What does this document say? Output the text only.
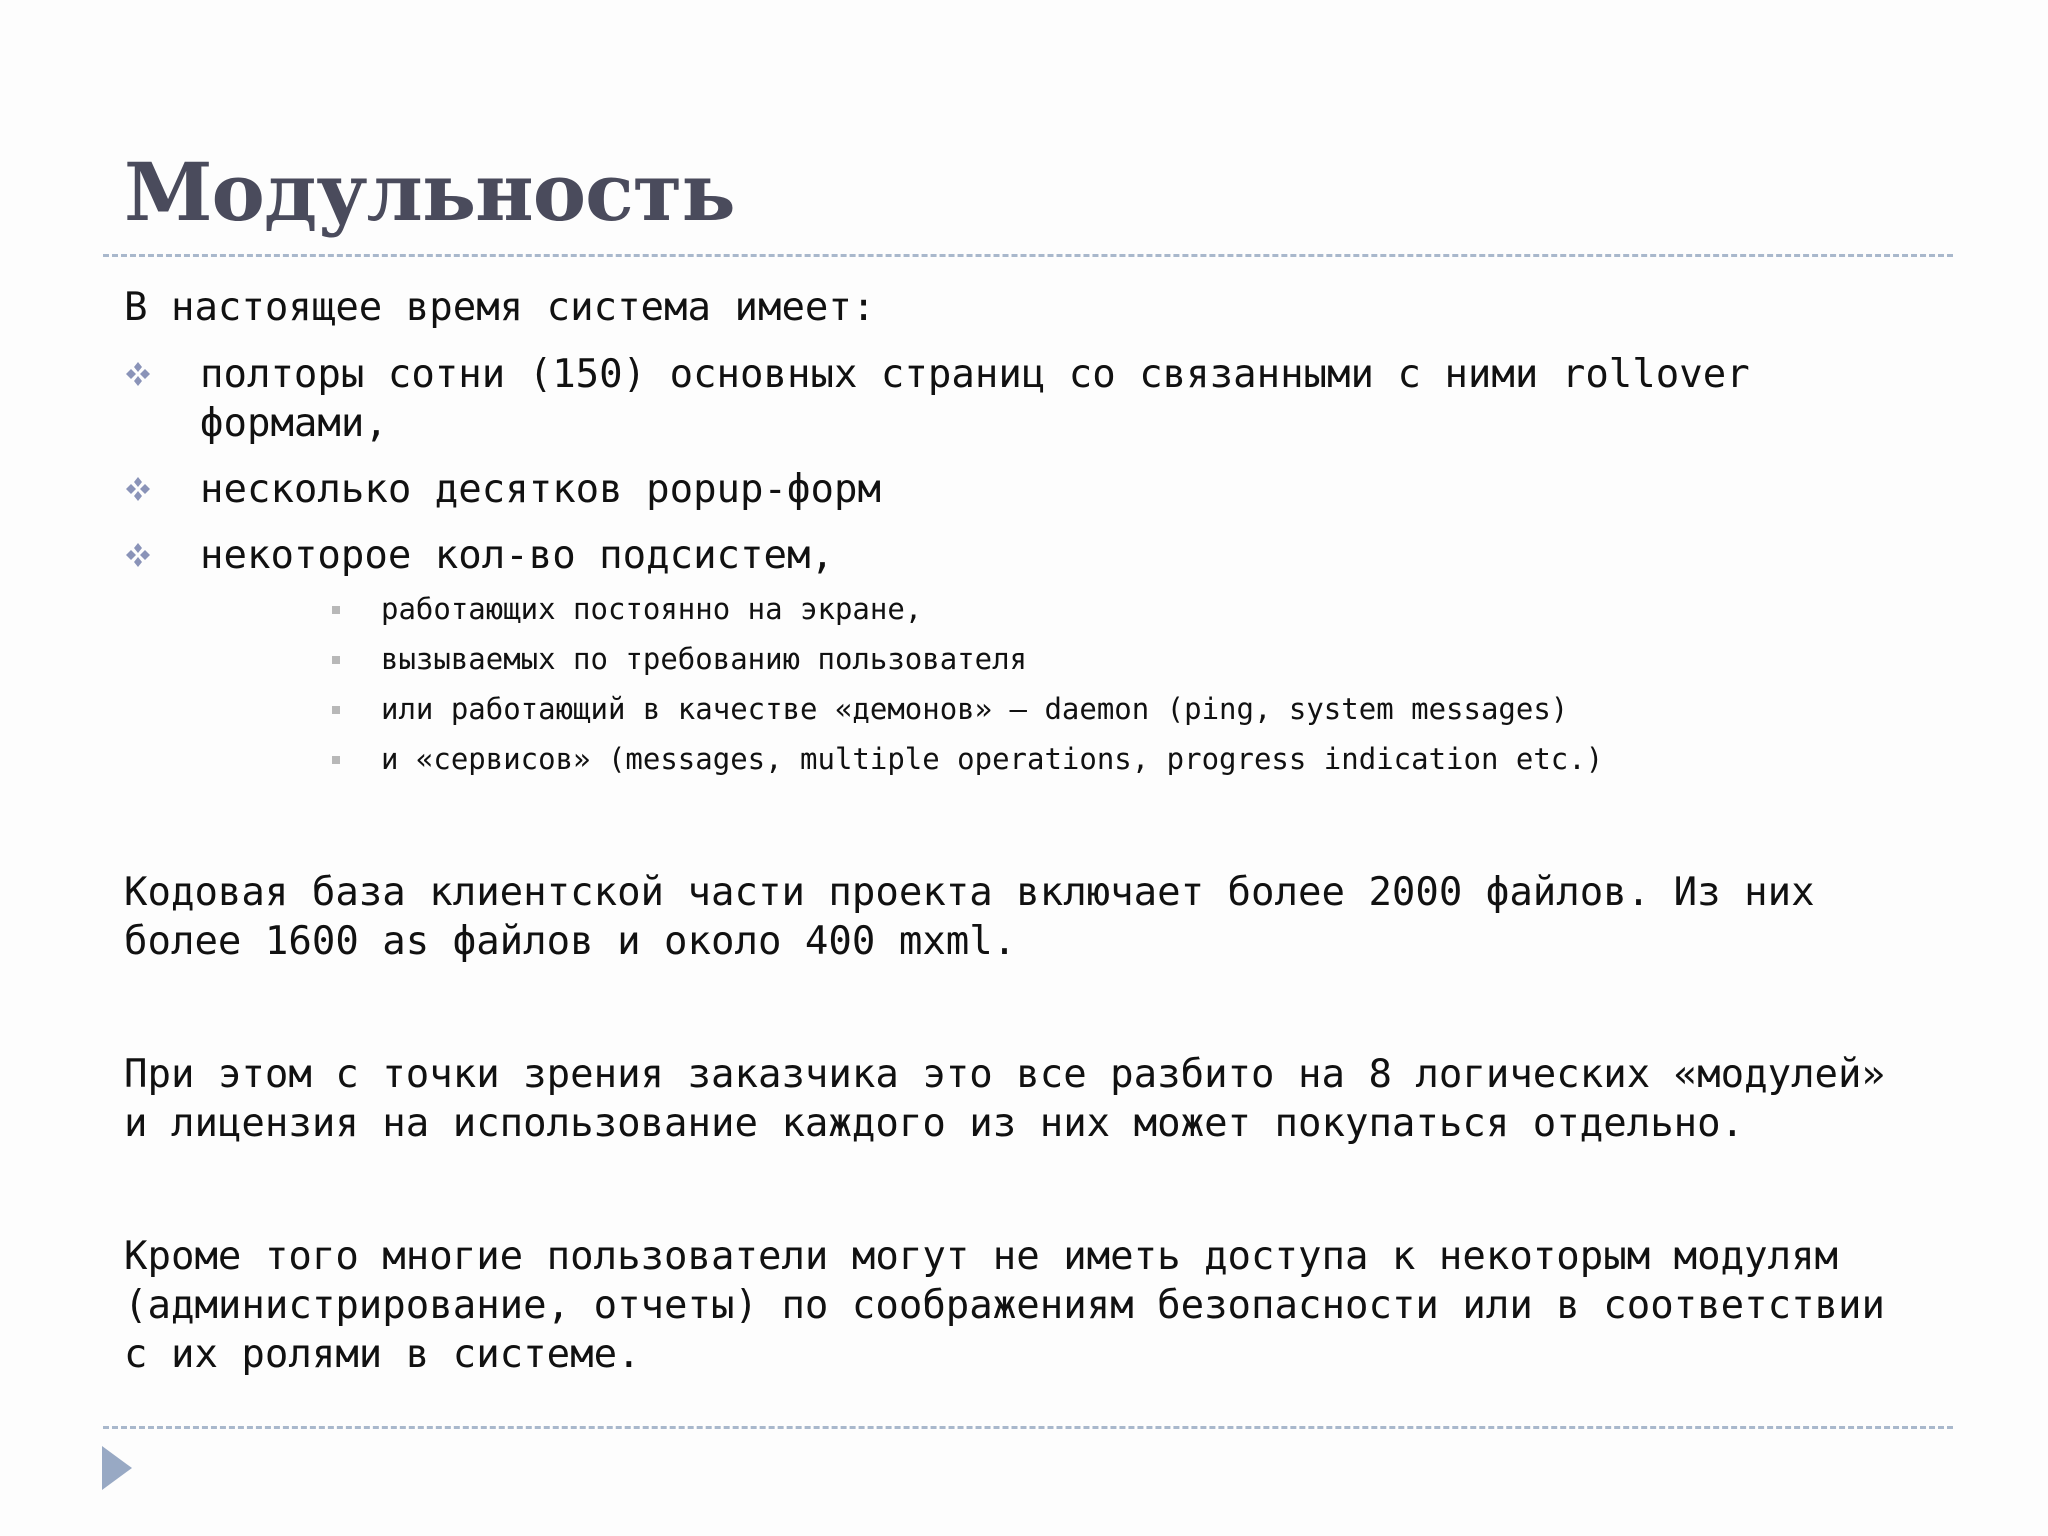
Модульность

В настоящее время система имеет:

полторы сотни (150) основных страниц со связанными с ними rollover формами,
несколько десятков popup-форм
некоторое кол-во подсистем,
работающих постоянно на экране,
вызываемых по требованию пользователя
или работающий в качестве «демонов» – daemon (ping, system messages)
и «сервисов» (messages, multiple operations, progress indication etc.)

Кодовая база клиентской части проекта включает более 2000 файлов. Из них
более 1600 as файлов и около 400 mxml.

При этом с точки зрения заказчика это все разбито на 8 логических «модулей»
и лицензия на использование каждого из них может покупаться отдельно.

Кроме того многие пользователи могут не иметь доступа к некоторым модулям
(администрирование, отчеты) по соображениям безопасности или в соответствии
с их ролями в системе.
